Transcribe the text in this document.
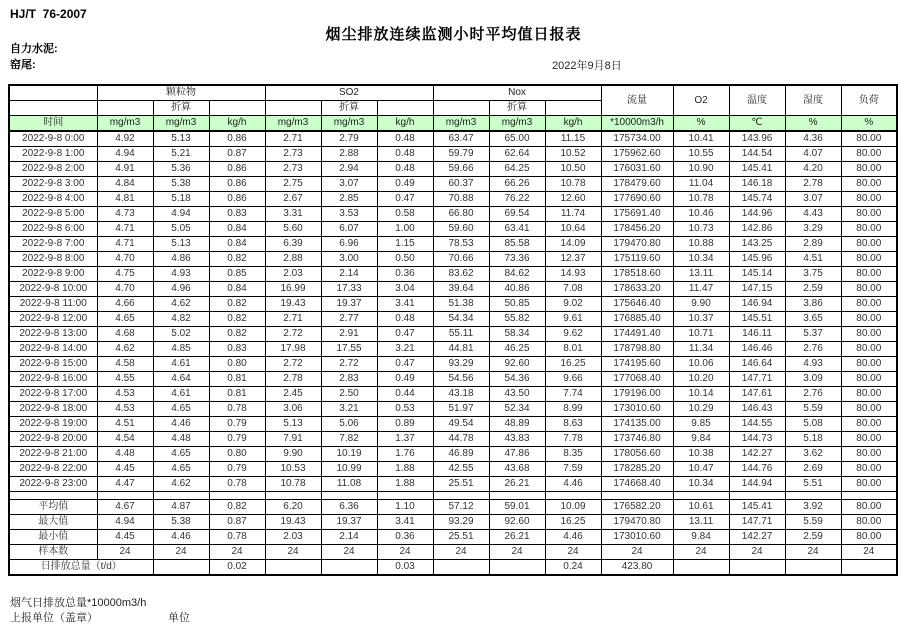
HJ/T  76-2007
烟尘排放连续监测小时平均值日报表
自力水泥:
窑尾:	2022年9月8日
	颗粒物			SO2			Nox			流量	O2	温度	湿度	负荷
		折算			折算			折算						
时间	mg/m3	mg/m3	kg/h	mg/m3	mg/m3	kg/h	mg/m3	mg/m3	kg/h	*10000m3/h	%	℃	%	%
2022-9-8 0:00	4.92	5.13	0.86	2.71	2.79	0.48	63.47	65.00	11.15	175734.00	10.41	143.96	4.36	80.00
2022-9-8 1:00	4.94	5.21	0.87	2.73	2.88	0.48	59.79	62.64	10.52	175962.60	10.55	144.54	4.07	80.00
2022-9-8 2:00	4.91	5.36	0.86	2.73	2.94	0.48	59.66	64.25	10.50	176031.60	10.90	145.41	4.20	80.00
2022-9-8 3:00	4.84	5.38	0.86	2.75	3.07	0.49	60.37	66.26	10.78	178479.60	11.04	146.18	2.78	80.00
2022-9-8 4:00	4.81	5.18	0.86	2.67	2.85	0.47	70.88	76.22	12.60	177690.60	10.78	145.74	3.07	80.00
2022-9-8 5:00	4.73	4.94	0.83	3.31	3.53	0.58	66.80	69.54	11.74	175691.40	10.46	144.96	4.43	80.00
2022-9-8 6:00	4.71	5.05	0.84	5.60	6.07	1.00	59.60	63.41	10.64	178456.20	10.73	142.86	3.29	80.00
2022-9-8 7:00	4.71	5.13	0.84	6.39	6.96	1.15	78.53	85.58	14.09	179470.80	10.88	143.25	2.89	80.00
2022-9-8 8:00	4.70	4.86	0.82	2.88	3.00	0.50	70.66	73.36	12.37	175119.60	10.34	145.96	4.51	80.00
2022-9-8 9:00	4.75	4.93	0.85	2.03	2.14	0.36	83.62	84.62	14.93	178518.60	13.11	145.14	3.75	80.00
2022-9-8 10:00	4.70	4.96	0.84	16.99	17.33	3.04	39.64	40.86	7.08	178633.20	11.47	147.15	2.59	80.00
2022-9-8 11:00	4.66	4.62	0.82	19.43	19.37	3.41	51.38	50.85	9.02	175646.40	9.90	146.94	3.86	80.00
2022-9-8 12:00	4.65	4.82	0.82	2.71	2.77	0.48	54.34	55.82	9.61	176885.40	10.37	145.51	3.65	80.00
2022-9-8 13:00	4.68	5.02	0.82	2.72	2.91	0.47	55.11	58.34	9.62	174491.40	10.71	146.11	5.37	80.00
2022-9-8 14:00	4.62	4.85	0.83	17.98	17.55	3.21	44.81	46.25	8.01	178798.80	11.34	146.46	2.76	80.00
2022-9-8 15:00	4.58	4.61	0.80	2.72	2.72	0.47	93.29	92.60	16.25	174195.60	10.06	146.64	4.93	80.00
2022-9-8 16:00	4.55	4.64	0.81	2.78	2.83	0.49	54.56	54.36	9.66	177068.40	10.20	147.71	3.09	80.00
2022-9-8 17:00	4.53	4.61	0.81	2.45	2.50	0.44	43.18	43.50	7.74	179196.00	10.14	147.61	2.76	80.00
2022-9-8 18:00	4.53	4.65	0.78	3.06	3.21	0.53	51.97	52.34	8.99	173010.60	10.29	146.43	5.59	80.00
2022-9-8 19:00	4.51	4.46	0.79	5.13	5.06	0.89	49.54	48.89	8.63	174135.00	9.85	144.55	5.08	80.00
2022-9-8 20:00	4.54	4.48	0.79	7.91	7.82	1.37	44.78	43.83	7.78	173746.80	9.84	144.73	5.18	80.00
2022-9-8 21:00	4.48	4.65	0.80	9.90	10.19	1.76	46.89	47.86	8.35	178056.60	10.38	142.27	3.62	80.00
2022-9-8 22:00	4.45	4.65	0.79	10.53	10.99	1.88	42.55	43.68	7.59	178285.20	10.47	144.76	2.69	80.00
2022-9-8 23:00	4.47	4.62	0.78	10.78	11.08	1.88	25.51	26.21	4.46	174668.40	10.34	144.94	5.51	80.00

平均值	4.67	4.87	0.82	6.20	6.36	1.10	57.12	59.01	10.09	176582.20	10.61	145.41	3.92	80.00
最大值	4.94	5.38	0.87	19.43	19.37	3.41	93.29	92.60	16.25	179470.80	13.11	147.71	5.59	80.00
最小值	4.45	4.46	0.78	2.03	2.14	0.36	25.51	26.21	4.46	173010.60	9.84	142.27	2.59	80.00
样本数	24	24	24	24	24	24	24	24	24	24	24	24	24	24
日排放总量（t/d）			0.02			0.03			0.24	423.80				
烟气日排放总量*10000m3/h
上报单位（盖章）	单位
